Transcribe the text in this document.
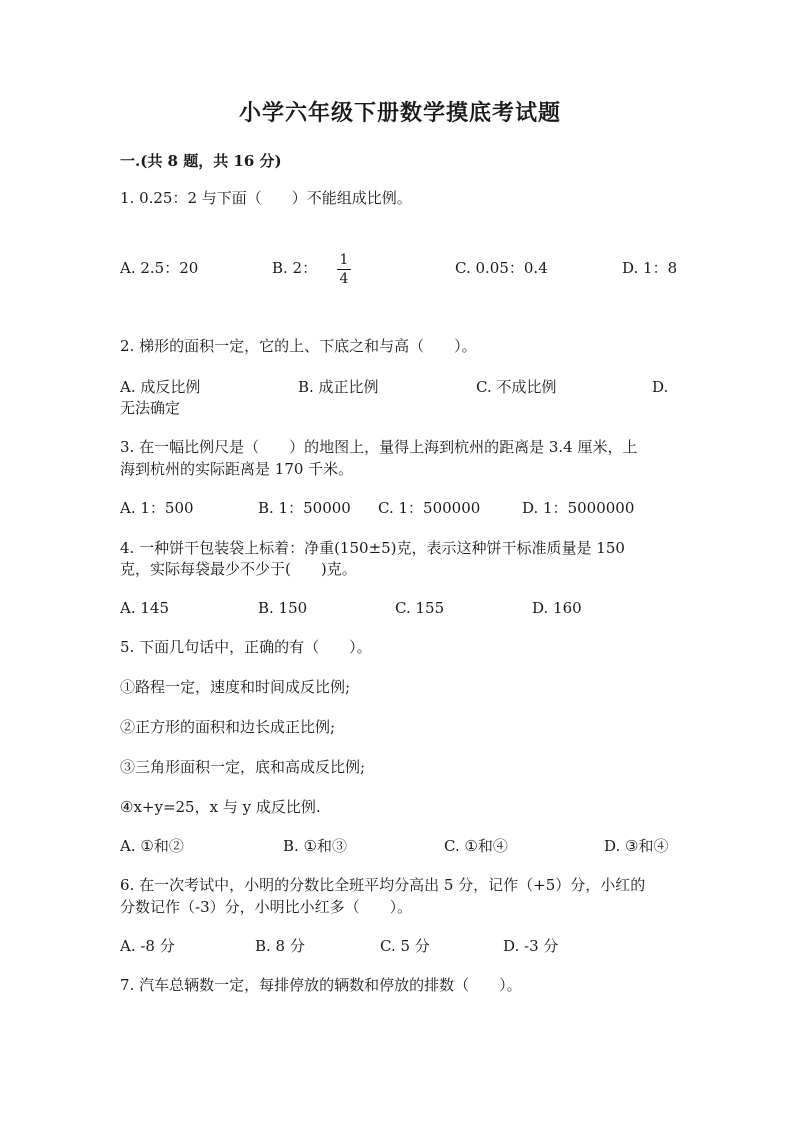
小学六年级下册数学摸底考试题
一.(共 8 题，共 16 分)
1. 0.25：2 与下面（　　）不能组成比例。
A. 2.5：20	B. 2： 1
4
C. 0.05：0.4	D. 1：8
2. 梯形的面积一定，它的上、下底之和与高（　　）。
A. 成反比例	B. 成正比例	C. 不成比例	D.
无法确定
3. 在一幅比例尺是（　　）的地图上，量得上海到杭州的距离是 3.4 厘米，上
海到杭州的实际距离是 170 千米。
A. 1：500	B. 1：50000 C. 1：500000	D. 1：5000000
4. 一种饼干包装袋上标着：净重(150±5)克，表示这种饼干标准质量是 150
克，实际每袋最少不少于(　　)克。
A. 145	B. 150	C. 155	D. 160
5. 下面几句话中，正确的有（　　）。
①路程一定，速度和时间成反比例;
②正方形的面积和边长成正比例;
③三角形面积一定，底和高成反比例;
④x+y=25，x 与 y 成反比例.
A. ①和②	B. ①和③	C. ①和④	D. ③和④
6. 在一次考试中，小明的分数比全班平均分高出 5 分，记作（+5）分，小红的
分数记作（-3）分，小明比小红多（　　）。
A. -8 分	B. 8 分	C. 5 分	D. -3 分
7. 汽车总辆数一定，每排停放的辆数和停放的排数（　　）。
